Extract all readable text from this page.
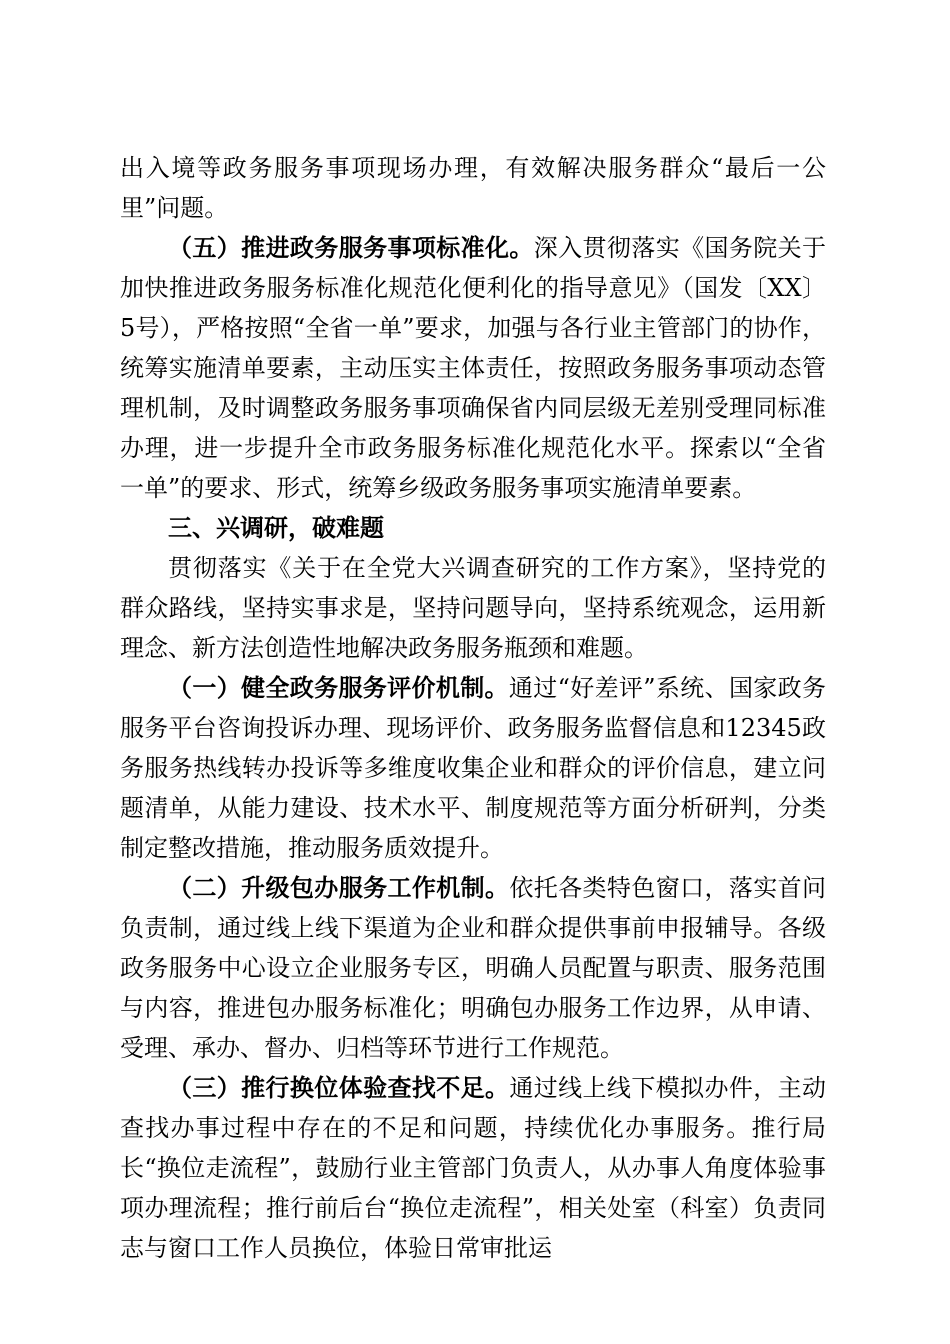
出入境等政务服务事项现场办理，有效解决服务群众“最后一公里”问题。

（五）推进政务服务事项标准化。深入贯彻落实《国务院关于加快推进政务服务标准化规范化便利化的指导意见》（国发〔XX〕5号），严格按照“全省一单”要求，加强与各行业主管部门的协作，统筹实施清单要素，主动压实主体责任，按照政务服务事项动态管理机制，及时调整政务服务事项确保省内同层级无差别受理同标准办理，进一步提升全市政务服务标准化规范化水平。探索以“全省一单”的要求、形式，统筹乡级政务服务事项实施清单要素。

三、兴调研，破难题

贯彻落实《关于在全党大兴调查研究的工作方案》，坚持党的群众路线，坚持实事求是，坚持问题导向，坚持系统观念，运用新理念、新方法创造性地解决政务服务瓶颈和难题。

（一）健全政务服务评价机制。通过“好差评”系统、国家政务服务平台咨询投诉办理、现场评价、政务服务监督信息和12345政务服务热线转办投诉等多维度收集企业和群众的评价信息，建立问题清单，从能力建设、技术水平、制度规范等方面分析研判，分类制定整改措施，推动服务质效提升。

（二）升级包办服务工作机制。依托各类特色窗口，落实首问负责制，通过线上线下渠道为企业和群众提供事前申报辅导。各级政务服务中心设立企业服务专区，明确人员配置与职责、服务范围与内容，推进包办服务标准化；明确包办服务工作边界，从申请、受理、承办、督办、归档等环节进行工作规范。

（三）推行换位体验查找不足。通过线上线下模拟办件，主动查找办事过程中存在的不足和问题，持续优化办事服务。推行局长“换位走流程”，鼓励行业主管部门负责人，从办事人角度体验事项办理流程；推行前后台“换位走流程”，相关处室（科室）负责同志与窗口工作人员换位，体验日常审批运
